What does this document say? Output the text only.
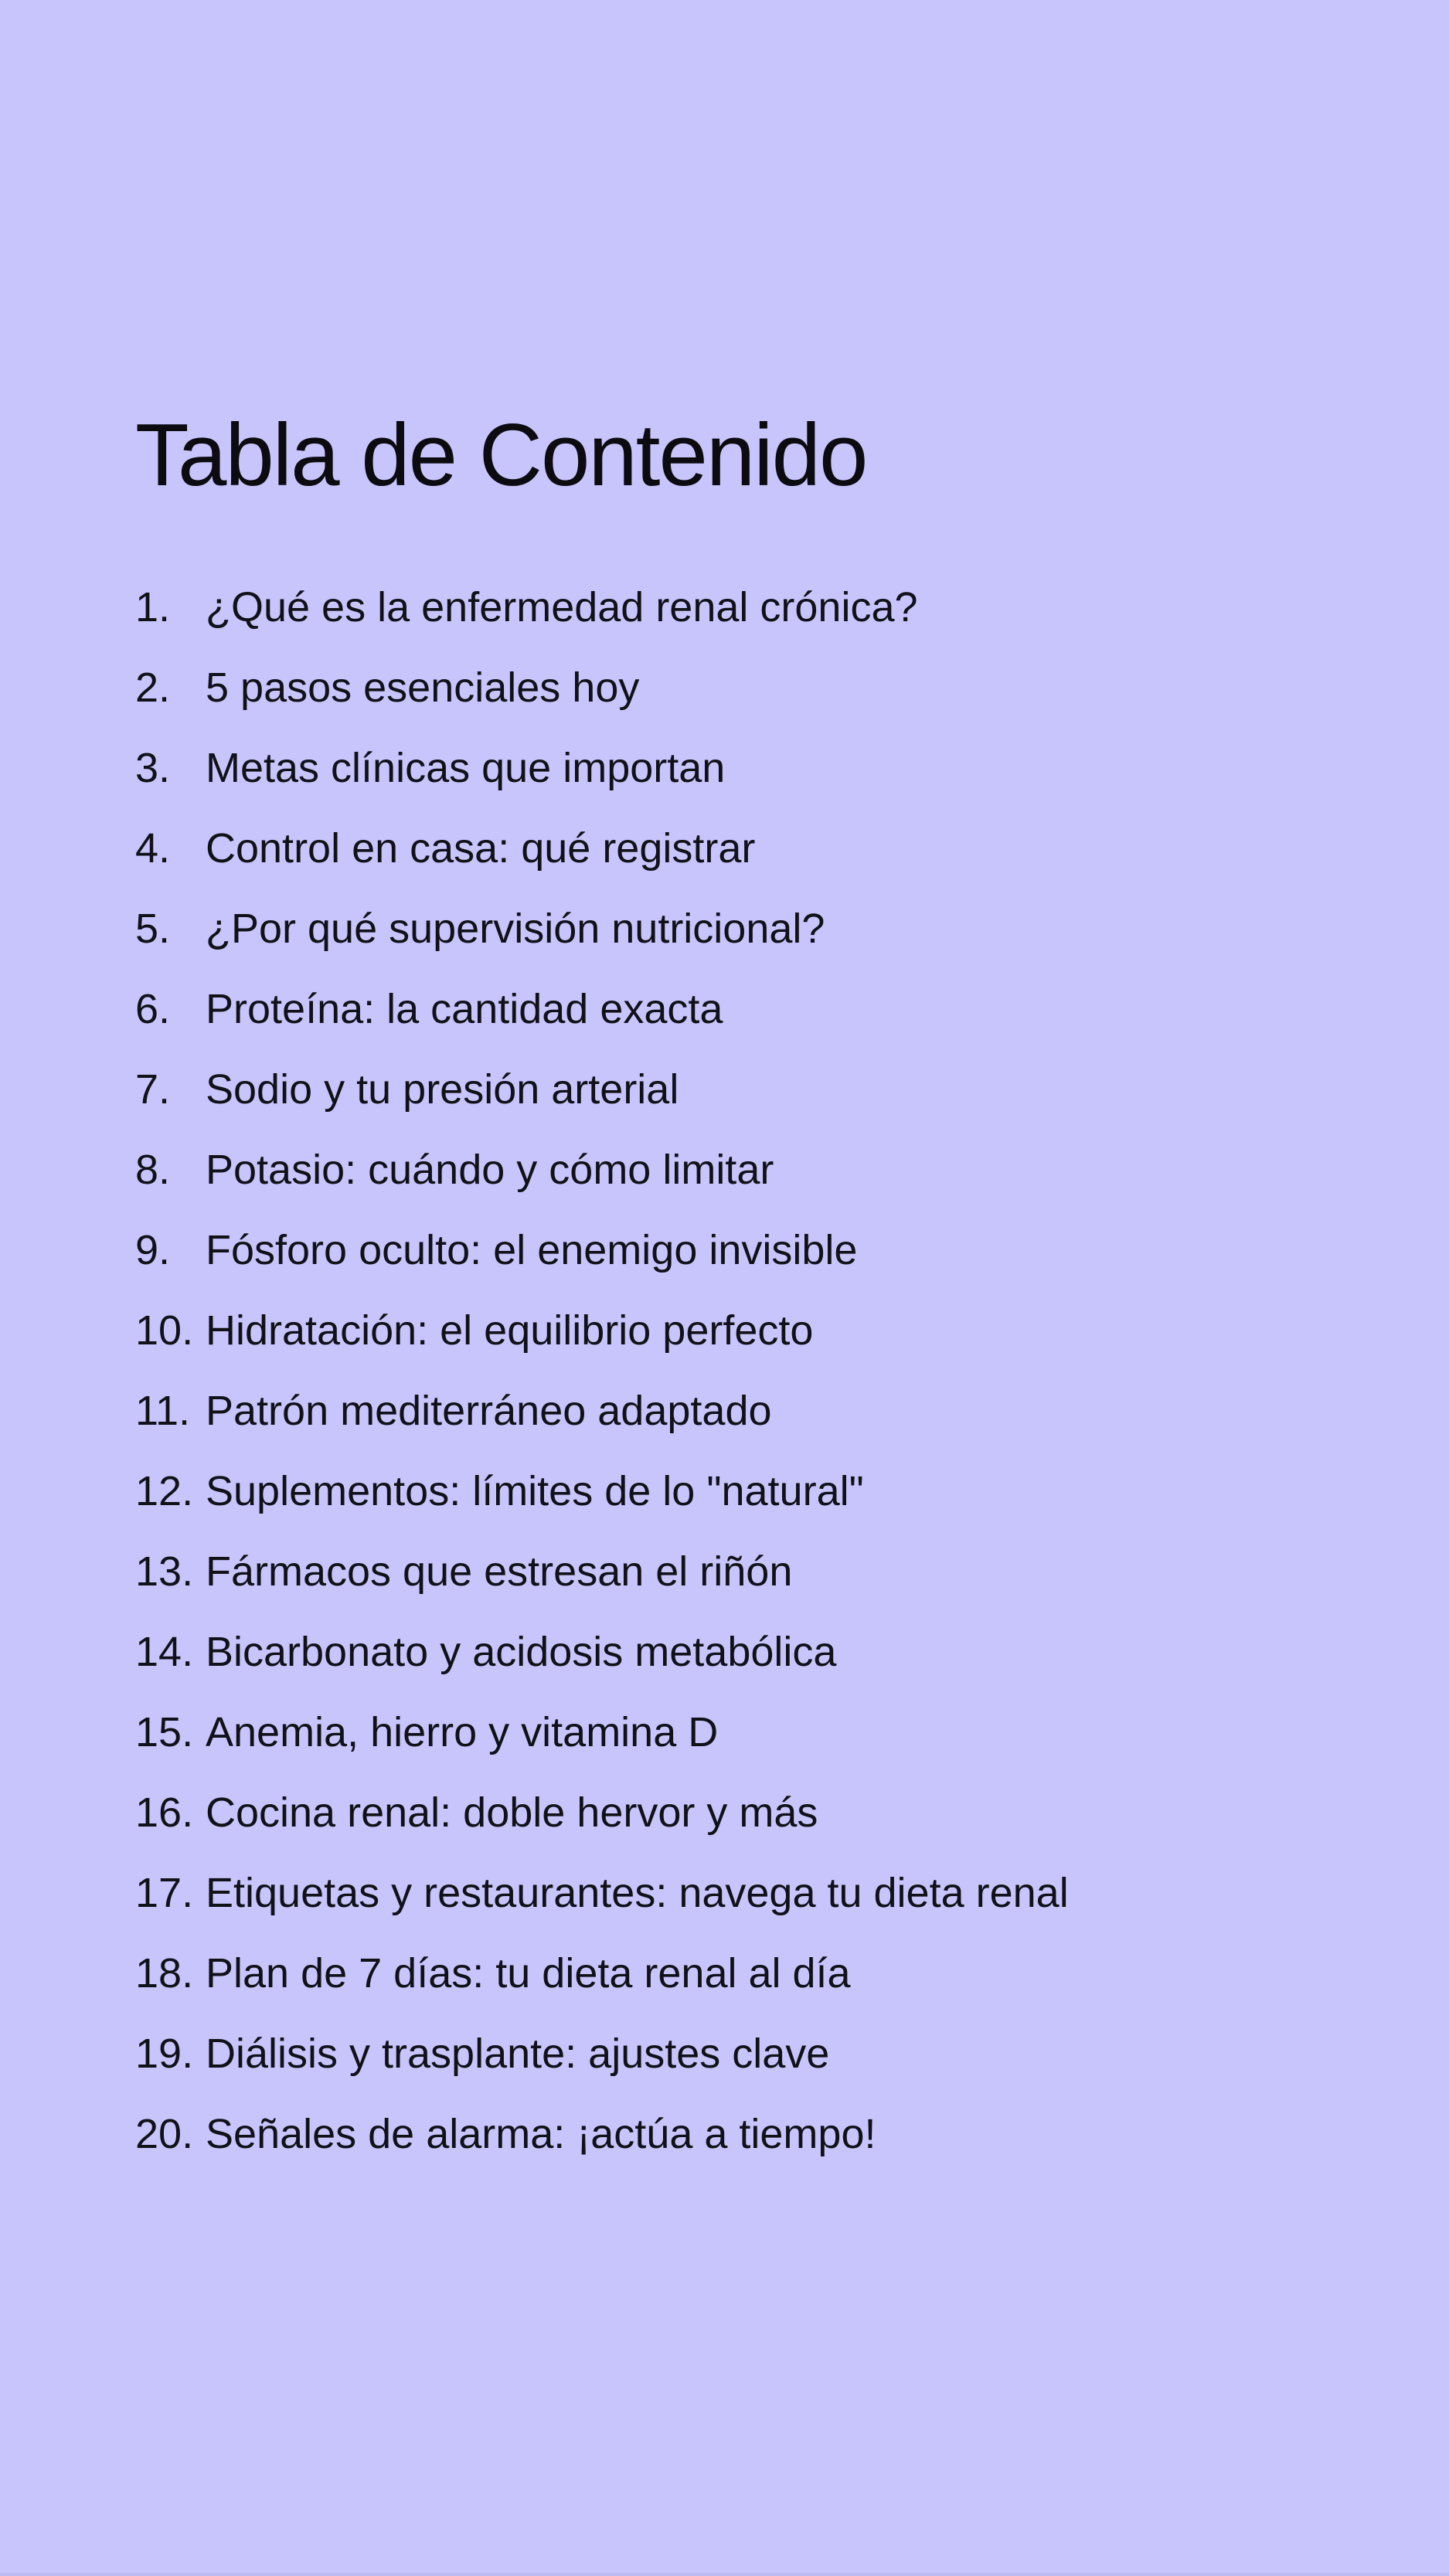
Tabla de Contenido
1. ¿Qué es la enfermedad renal crónica?
2. 5 pasos esenciales hoy
3. Metas clínicas que importan
4. Control en casa: qué registrar
5. ¿Por qué supervisión nutricional?
6. Proteína: la cantidad exacta
7. Sodio y tu presión arterial
8. Potasio: cuándo y cómo limitar
9. Fósforo oculto: el enemigo invisible
10. Hidratación: el equilibrio perfecto
11. Patrón mediterráneo adaptado
12. Suplementos: límites de lo "natural"
13. Fármacos que estresan el riñón
14. Bicarbonato y acidosis metabólica
15. Anemia, hierro y vitamina D
16. Cocina renal: doble hervor y más
17. Etiquetas y restaurantes: navega tu dieta renal
18. Plan de 7 días: tu dieta renal al día
19. Diálisis y trasplante: ajustes clave
20. Señales de alarma: ¡actúa a tiempo!
